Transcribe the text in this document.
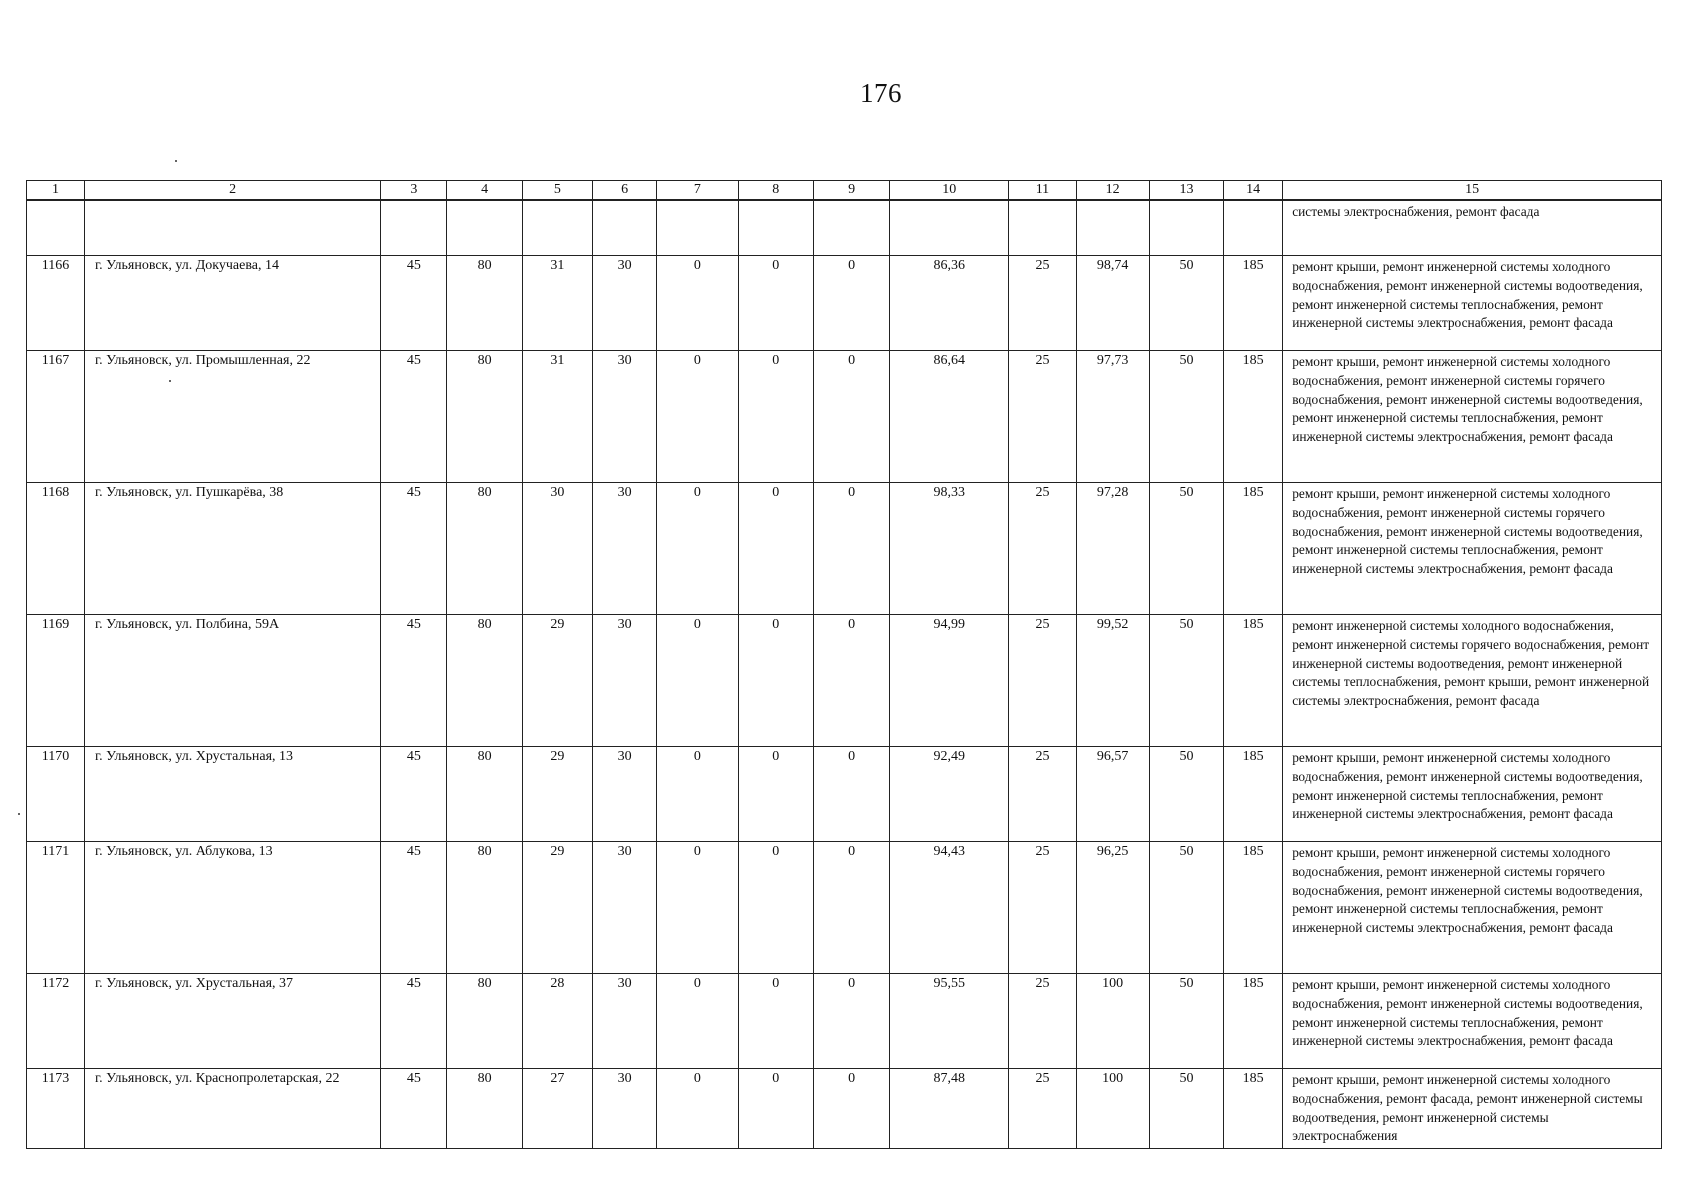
176
1	2	3	4	5	6	7	8	9	10	11	12	13	14	15
														системы электроснабжения, ремонт фасада
1166	г. Ульяновск, ул. Докучаева, 14	45	80	31	30	0	0	0	86,36	25	98,74	50	185	ремонт крыши, ремонт инженерной системы холодного водоснабжения, ремонт инженерной системы водоотведения, ремонт инженерной системы теплоснабжения, ремонт инженерной системы электроснабжения, ремонт фасада
1167	г. Ульяновск, ул. Промышленная, 22	45	80	31	30	0	0	0	86,64	25	97,73	50	185	ремонт крыши, ремонт инженерной системы холодного водоснабжения, ремонт инженерной системы горячего водоснабжения, ремонт инженерной системы водоотведения, ремонт инженерной системы теплоснабжения, ремонт инженерной системы электроснабжения, ремонт фасада
1168	г. Ульяновск, ул. Пушкарёва, 38	45	80	30	30	0	0	0	98,33	25	97,28	50	185	ремонт крыши, ремонт инженерной системы холодного водоснабжения, ремонт инженерной системы горячего водоснабжения, ремонт инженерной системы водоотведения, ремонт инженерной системы теплоснабжения, ремонт инженерной системы электроснабжения, ремонт фасада
1169	г. Ульяновск, ул. Полбина, 59А	45	80	29	30	0	0	0	94,99	25	99,52	50	185	ремонт инженерной системы холодного водоснабжения, ремонт инженерной системы горячего водоснабжения, ремонт инженерной системы водоотведения, ремонт инженерной системы теплоснабжения, ремонт крыши, ремонт инженерной системы электроснабжения, ремонт фасада
1170	г. Ульяновск, ул. Хрустальная, 13	45	80	29	30	0	0	0	92,49	25	96,57	50	185	ремонт крыши, ремонт инженерной системы холодного водоснабжения, ремонт инженерной системы водоотведения, ремонт инженерной системы теплоснабжения, ремонт инженерной системы электроснабжения, ремонт фасада
1171	г. Ульяновск, ул. Аблукова, 13	45	80	29	30	0	0	0	94,43	25	96,25	50	185	ремонт крыши, ремонт инженерной системы холодного водоснабжения, ремонт инженерной системы горячего водоснабжения, ремонт инженерной системы водоотведения, ремонт инженерной системы теплоснабжения, ремонт инженерной системы электроснабжения, ремонт фасада
1172	г. Ульяновск, ул. Хрустальная, 37	45	80	28	30	0	0	0	95,55	25	100	50	185	ремонт крыши, ремонт инженерной системы холодного водоснабжения, ремонт инженерной системы водоотведения, ремонт инженерной системы теплоснабжения, ремонт инженерной системы электроснабжения, ремонт фасада
1173	г. Ульяновск, ул. Краснопролетарская, 22	45	80	27	30	0	0	0	87,48	25	100	50	185	ремонт крыши, ремонт инженерной системы холодного водоснабжения, ремонт фасада, ремонт инженерной системы водоотведения, ремонт инженерной системы электроснабжения
